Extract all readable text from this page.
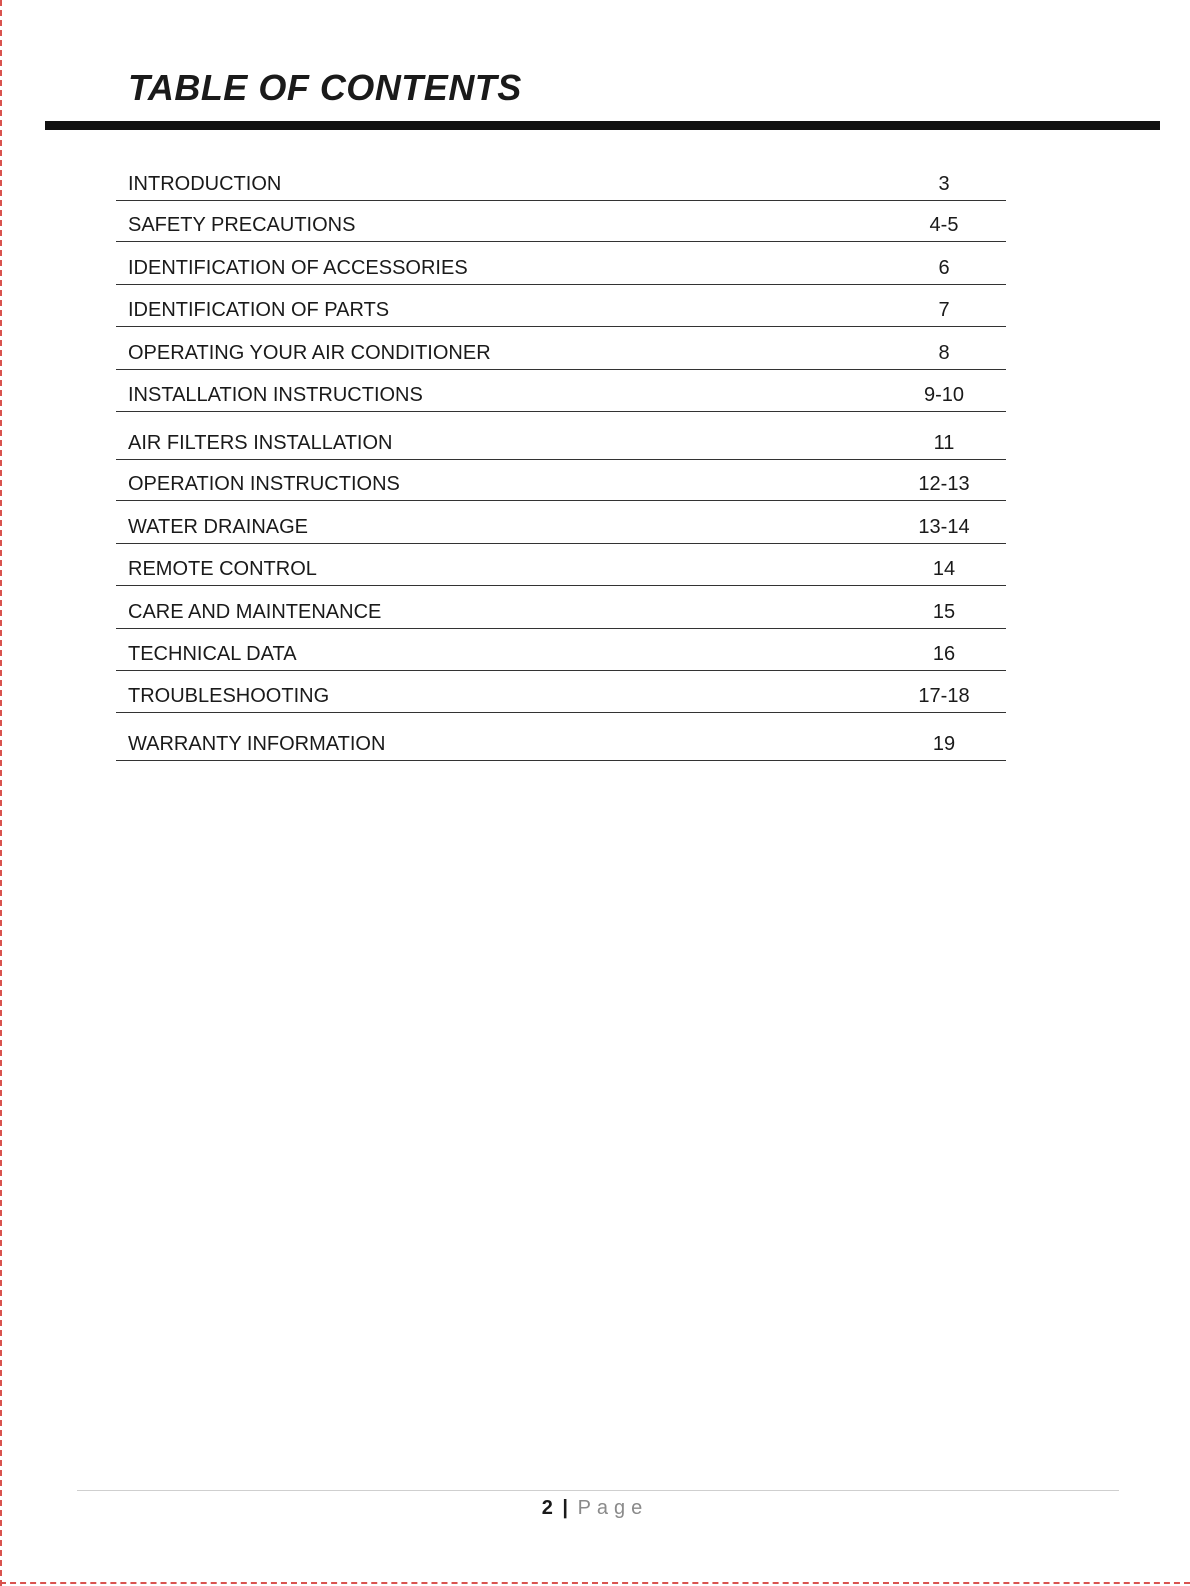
TABLE OF CONTENTS
INTRODUCTION	3
SAFETY PRECAUTIONS	4-5
IDENTIFICATION OF ACCESSORIES	6
IDENTIFICATION OF PARTS	7
OPERATING YOUR AIR CONDITIONER	8
INSTALLATION INSTRUCTIONS	9-10
AIR FILTERS INSTALLATION	11
OPERATION INSTRUCTIONS	12-13
WATER DRAINAGE	13-14
REMOTE CONTROL	14
CARE AND MAINTENANCE	15
TECHNICAL DATA	16
TROUBLESHOOTING	17-18
WARRANTY INFORMATION	19
2 | Page
